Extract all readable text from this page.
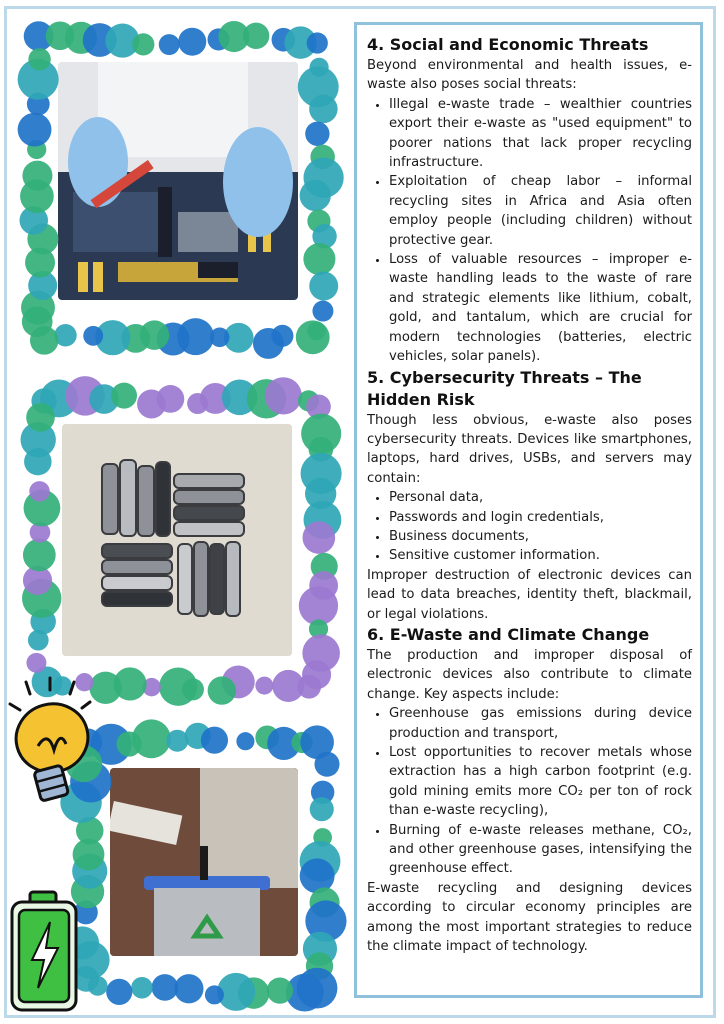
4. Social and Economic Threats

Beyond environmental and health issues, e-waste also poses social threats:

• Illegal e-waste trade – wealthier countries export their e-waste as "used equipment" to poorer nations that lack proper recycling infrastructure.
• Exploitation of cheap labor – informal recycling sites in Africa and Asia often employ people (including children) without protective gear.
• Loss of valuable resources – improper e-waste handling leads to the waste of rare and strategic elements like lithium, cobalt, gold, and tantalum, which are crucial for modern technologies (batteries, electric vehicles, solar panels).
5. Cybersecurity Threats – The Hidden Risk

Though less obvious, e-waste also poses cybersecurity threats. Devices like smartphones, laptops, hard drives, USBs, and servers may contain:

• Personal data,
• Passwords and login credentials,
• Business documents,
• Sensitive customer information.

Improper destruction of electronic devices can lead to data breaches, identity theft, blackmail, or legal violations.

6. E-Waste and Climate Change

The production and improper disposal of electronic devices also contribute to climate change. Key aspects include:

• Greenhouse gas emissions during device production and transport,
• Lost opportunities to recover metals whose extraction has a high carbon footprint (e.g. gold mining emits more CO₂ per ton of rock than e-waste recycling),
• Burning of e-waste releases methane, CO₂, and other greenhouse gases, intensifying the greenhouse effect.

E-waste recycling and designing devices according to circular economy principles are among the most important strategies to reduce the climate impact of technology.
